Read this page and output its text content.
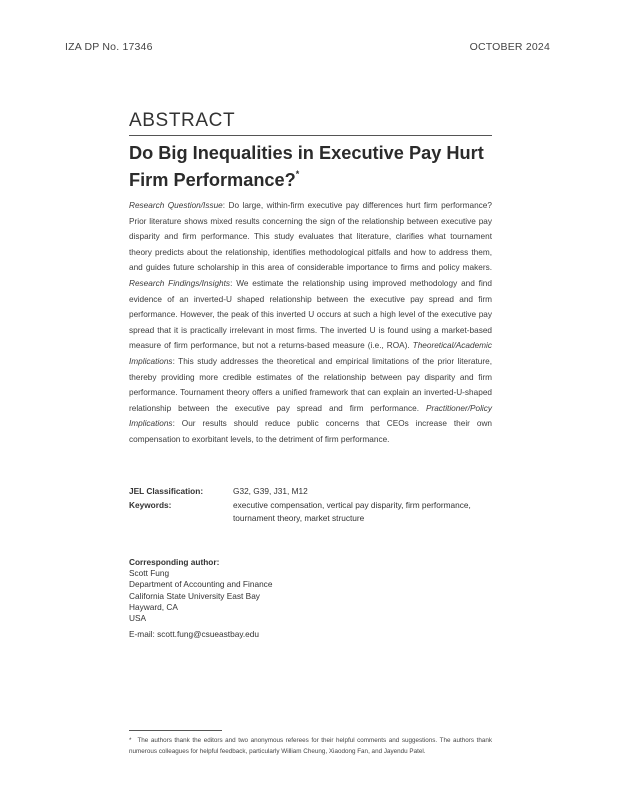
IZA DP No. 17346	OCTOBER 2024
ABSTRACT
Do Big Inequalities in Executive Pay Hurt Firm Performance?*
Research Question/Issue: Do large, within-firm executive pay differences hurt firm performance? Prior literature shows mixed results concerning the sign of the relationship between executive pay disparity and firm performance. This study evaluates that literature, clarifies what tournament theory predicts about the relationship, identifies methodological pitfalls and how to address them, and guides future scholarship in this area of considerable importance to firms and policy makers. Research Findings/Insights: We estimate the relationship using improved methodology and find evidence of an inverted-U shaped relationship between the executive pay spread and firm performance. However, the peak of this inverted U occurs at such a high level of the executive pay spread that it is practically irrelevant in most firms. The inverted U is found using a market-based measure of firm performance, but not a returns-based measure (i.e., ROA). Theoretical/Academic Implications: This study addresses the theoretical and empirical limitations of the prior literature, thereby providing more credible estimates of the relationship between pay disparity and firm performance. Tournament theory offers a unified framework that can explain an inverted-U-shaped relationship between the executive pay spread and firm performance. Practitioner/Policy Implications: Our results should reduce public concerns that CEOs increase their own compensation to exorbitant levels, to the detriment of firm performance.
JEL Classification:	G32, G39, J31, M12
Keywords:	executive compensation, vertical pay disparity, firm performance, tournament theory, market structure
Corresponding author:
Scott Fung
Department of Accounting and Finance
California State University East Bay
Hayward, CA
USA
E-mail: scott.fung@csueastbay.edu
* The authors thank the editors and two anonymous referees for their helpful comments and suggestions. The authors thank numerous colleagues for helpful feedback, particularly William Cheung, Xiaodong Fan, and Jayendu Patel.
